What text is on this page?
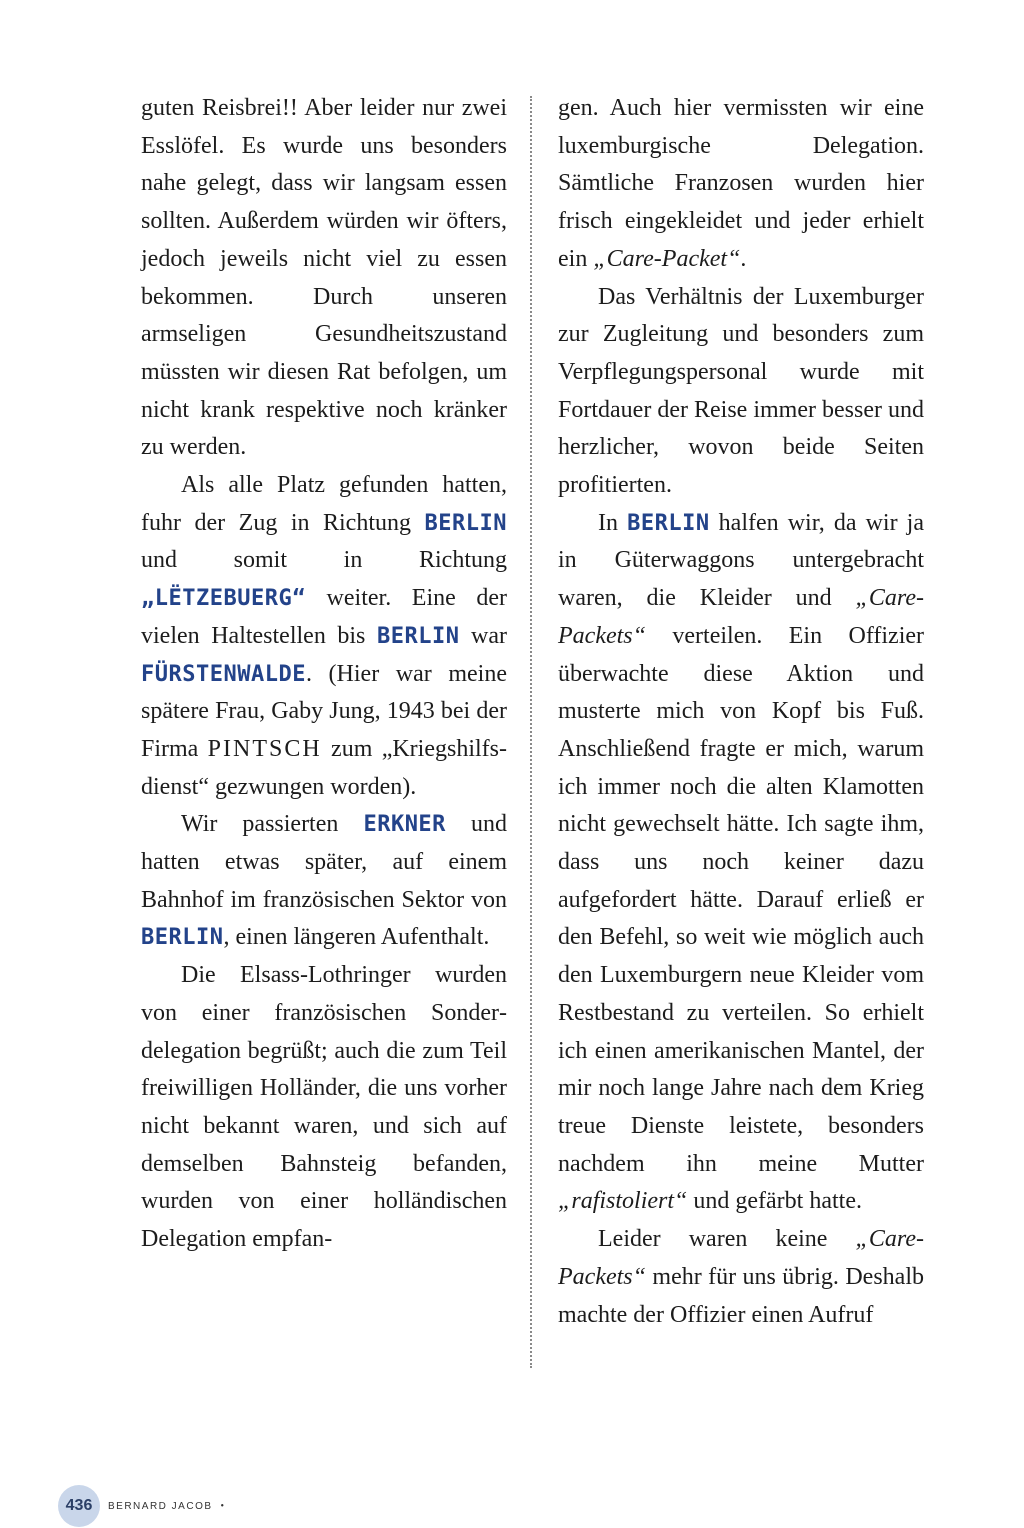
guten Reisbrei!! Aber leider nur zwei Esslöfel. Es wurde uns besonders nahe gelegt, dass wir langsam essen sollten. Außerdem würden wir öfters, jedoch jeweils nicht viel zu essen bekommen. Durch unseren armseligen Gesundheitszustand müssten wir diesen Rat befolgen, um nicht krank respektive noch kränker zu werden.

Als alle Platz gefunden hatten, fuhr der Zug in Richtung BERLIN und somit in Richtung „LËTZEBUERG“ weiter. Eine der vielen Haltestellen bis BERLIN war FÜRSTENWALDE. (Hier war meine spätere Frau, Gaby Jung, 1943 bei der Firma PINTSCH zum „Kriegshilfsdienst“ gezwungen worden).

Wir passierten ERKNER und hatten etwas später, auf einem Bahnhof im französischen Sektor von BERLIN, einen längeren Aufenthalt.

Die Elsass-Lothringer wurden von einer französischen Sonderdelegation begrüßt; auch die zum Teil freiwilligen Holländer, die uns vorher nicht bekannt waren, und sich auf demselben Bahnsteig befanden, wurden von einer holländischen Delegation empfan-

gen. Auch hier vermissten wir eine luxemburgische Delegation. Sämtliche Franzosen wurden hier frisch eingekleidet und jeder erhielt ein „Care-Packet“.

Das Verhältnis der Luxemburger zur Zugleitung und besonders zum Verpflegungspersonal wurde mit Fortdauer der Reise immer besser und herzlicher, wovon beide Seiten profitierten.

In BERLIN halfen wir, da wir ja in Güterwaggons untergebracht waren, die Kleider und „Care-Packets“ verteilen. Ein Offizier überwachte diese Aktion und musterte mich von Kopf bis Fuß. Anschließend fragte er mich, warum ich immer noch die alten Klamotten nicht gewechselt hätte. Ich sagte ihm, dass uns noch keiner dazu aufgefordert hätte. Darauf erließ er den Befehl, so weit wie möglich auch den Luxemburgern neue Kleider vom Restbestand zu verteilen. So erhielt ich einen amerikanischen Mantel, der mir noch lange Jahre nach dem Krieg treue Dienste leistete, besonders nachdem ihn meine Mutter „rafistoliert“ und gefärbt hatte.

Leider waren keine „Care-Packets“ mehr für uns übrig. Deshalb machte der Offizier einen Aufruf

436	BERNARD JACOB •
